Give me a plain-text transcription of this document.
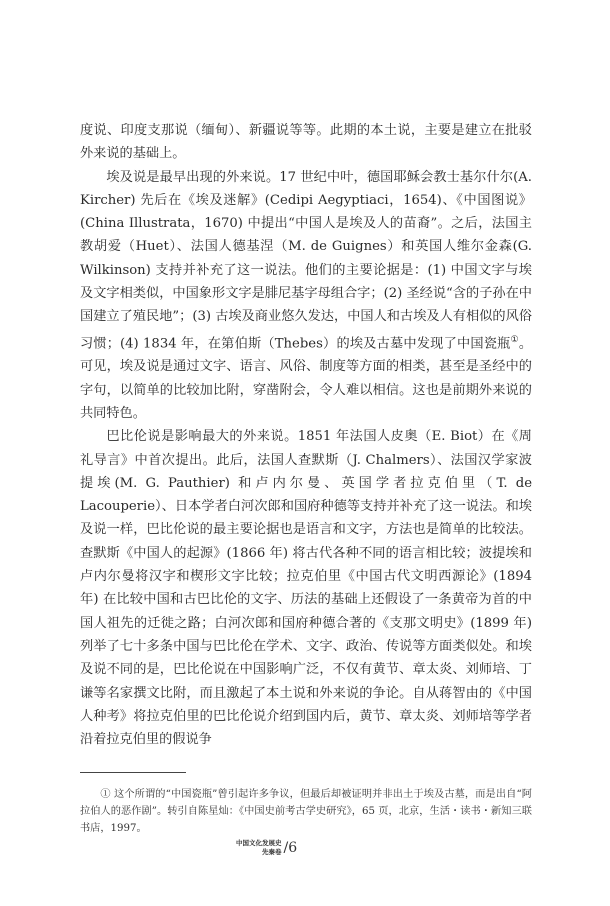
度说、印度支那说（缅甸）、新疆说等等。此期的本土说，主要是建立在批驳外来说的基础上。

埃及说是最早出现的外来说。17 世纪中叶，德国耶稣会教士基尔什尔(A. Kircher) 先后在《埃及迷解》(Cedipi Aegyptiaci，1654)、《中国图说》(China Illustrata，1670) 中提出“中国人是埃及人的苗裔”。之后，法国主教胡爱（Huet）、法国人德基涅（M. de Guignes）和英国人维尔金森(G. Wilkinson) 支持并补充了这一说法。他们的主要论据是：(1) 中国文字与埃及文字相类似，中国象形文字是腓尼基字母组合字；(2) 圣经说“含的子孙在中国建立了殖民地”；(3) 古埃及商业悠久发达，中国人和古埃及人有相似的风俗习惯；(4) 1834 年，在第伯斯（Thebes）的埃及古墓中发现了中国瓷瓶①。可见，埃及说是通过文字、语言、风俗、制度等方面的相类，甚至是圣经中的字句，以简单的比较加比附，穿凿附会，令人难以相信。这也是前期外来说的共同特色。

巴比伦说是影响最大的外来说。1851 年法国人皮奥（E. Biot）在《周礼导言》中首次提出。此后，法国人查默斯（J. Chalmers）、法国汉学家波提埃(M. G. Pauthier) 和卢内尔曼、英国学者拉克伯里（T. de Lacouperie）、日本学者白河次郎和国府种德等支持并补充了这一说法。和埃及说一样，巴比伦说的最主要论据也是语言和文字，方法也是简单的比较法。查默斯《中国人的起源》(1866 年) 将古代各种不同的语言相比较；波提埃和卢内尔曼将汉字和楔形文字比较；拉克伯里《中国古代文明西源论》(1894 年) 在比较中国和古巴比伦的文字、历法的基础上还假设了一条黄帝为首的中国人祖先的迁徙之路；白河次郎和国府种德合著的《支那文明史》(1899 年) 列举了七十多条中国与巴比伦在学术、文字、政治、传说等方面类似处。和埃及说不同的是，巴比伦说在中国影响广泛，不仅有黄节、章太炎、刘师培、丁谦等名家撰文比附，而且激起了本土说和外来说的争论。自从蒋智由的《中国人种考》将拉克伯里的巴比伦说介绍到国内后，黄节、章太炎、刘师培等学者沿着拉克伯里的假说争

① 这个所谓的“中国瓷瓶”曾引起许多争议，但最后却被证明并非出土于埃及古墓，而是出自“阿拉伯人的恶作剧”。转引自陈星灿：《中国史前考古学史研究》，65 页，北京，生活・读书・新知三联书店，1997。
中国文化发展史
先秦卷 /6
